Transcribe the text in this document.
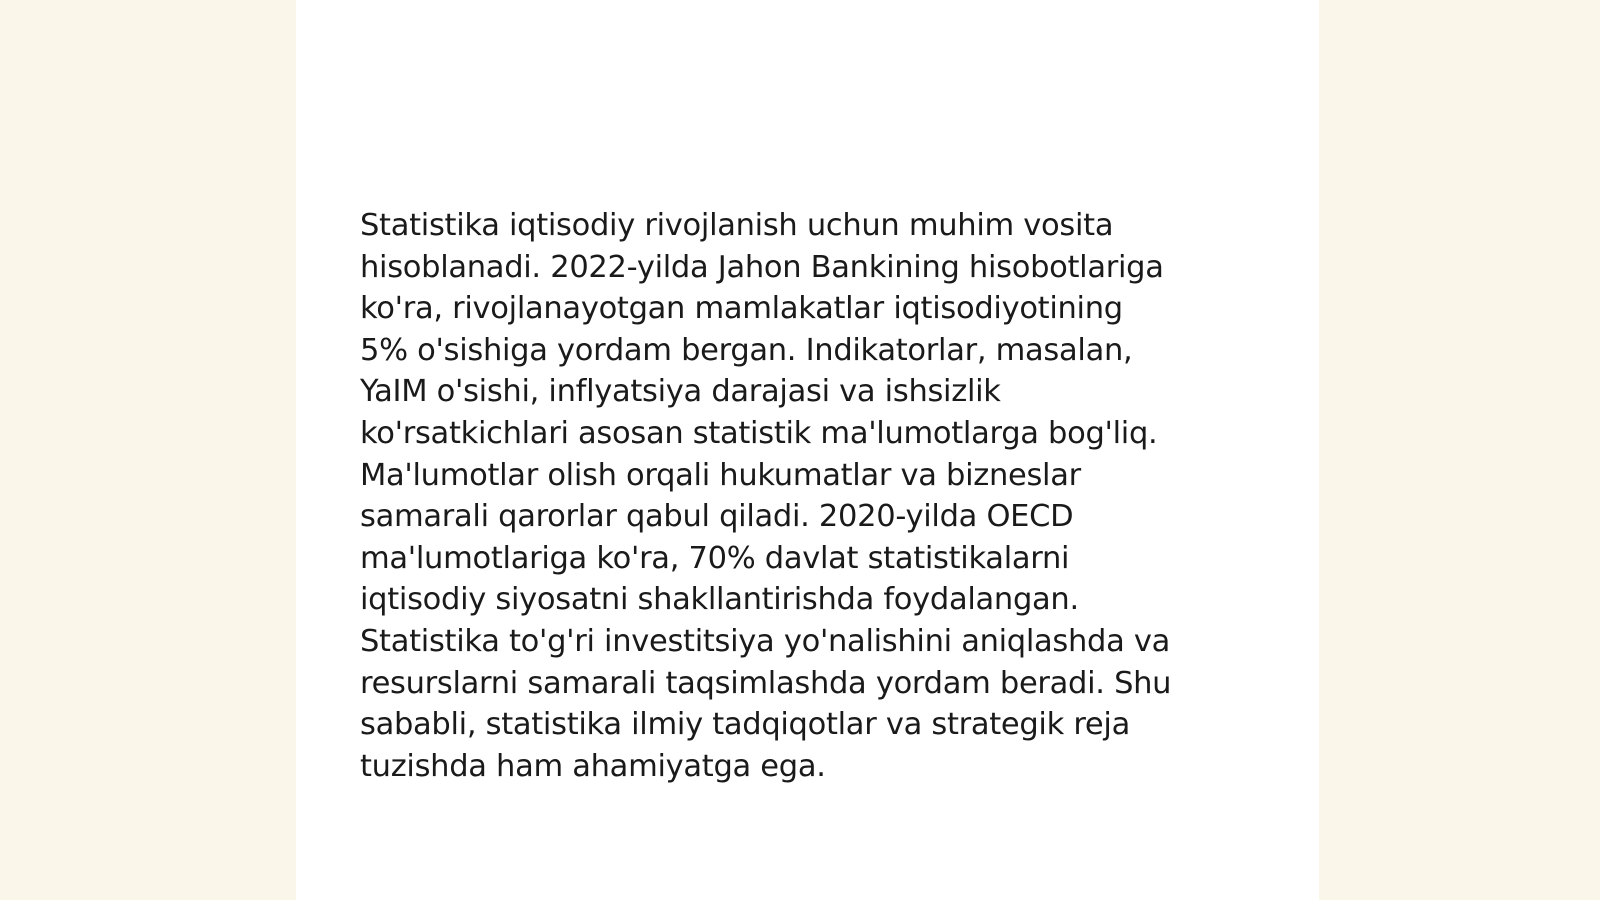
Statistika iqtisodiy rivojlanish uchun muhim vosita
hisoblanadi. 2022-yilda Jahon Bankining hisobotlariga
ko'ra, rivojlanayotgan mamlakatlar iqtisodiyotining
5% o'sishiga yordam bergan. Indikatorlar, masalan,
YaIM o'sishi, inflyatsiya darajasi va ishsizlik
ko'rsatkichlari asosan statistik ma'lumotlarga bog'liq.
Ma'lumotlar olish orqali hukumatlar va bizneslar
samarali qarorlar qabul qiladi. 2020-yilda OECD
ma'lumotlariga ko'ra, 70% davlat statistikalarni
iqtisodiy siyosatni shakllantirishda foydalangan.
Statistika to'g'ri investitsiya yo'nalishini aniqlashda va
resurslarni samarali taqsimlashda yordam beradi. Shu
sababli, statistika ilmiy tadqiqotlar va strategik reja
tuzishda ham ahamiyatga ega.
